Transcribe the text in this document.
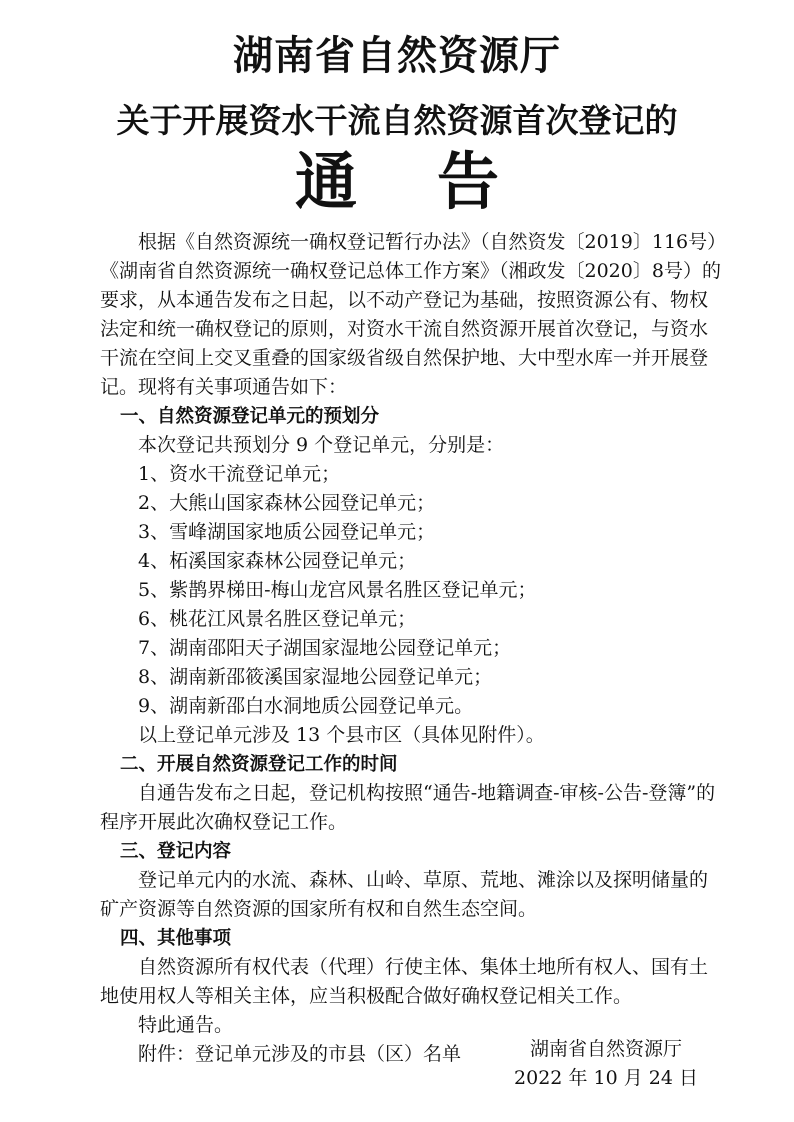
湖南省自然资源厅
关于开展资水干流自然资源首次登记的
通告

根据《自然资源统一确权登记暂行办法》（自然资发〔2019〕116号）《湖南省自然资源统一确权登记总体工作方案》（湘政发〔2020〕8号）的要求，从本通告发布之日起，以不动产登记为基础，按照资源公有、物权法定和统一确权登记的原则，对资水干流自然资源开展首次登记，与资水干流在空间上交叉重叠的国家级省级自然保护地、大中型水库一并开展登记。现将有关事项通告如下：

一、自然资源登记单元的预划分

本次登记共预划分 9 个登记单元，分别是：

1、资水干流登记单元；

2、大熊山国家森林公园登记单元；

3、雪峰湖国家地质公园登记单元；

4、柘溪国家森林公园登记单元；

5、紫鹊界梯田-梅山龙宫风景名胜区登记单元；

6、桃花江风景名胜区登记单元；

7、湖南邵阳天子湖国家湿地公园登记单元；

8、湖南新邵筱溪国家湿地公园登记单元；

9、湖南新邵白水洞地质公园登记单元。

以上登记单元涉及 13 个县市区（具体见附件）。

二、开展自然资源登记工作的时间

自通告发布之日起，登记机构按照“通告-地籍调查-审核-公告-登簿”的程序开展此次确权登记工作。

三、登记内容

登记单元内的水流、森林、山岭、草原、荒地、滩涂以及探明储量的矿产资源等自然资源的国家所有权和自然生态空间。

四、其他事项

自然资源所有权代表（代理）行使主体、集体土地所有权人、国有土地使用权人等相关主体，应当积极配合做好确权登记相关工作。

特此通告。

附件：登记单元涉及的市县（区）名单	湖南省自然资源厅
2022 年 10 月 24 日
